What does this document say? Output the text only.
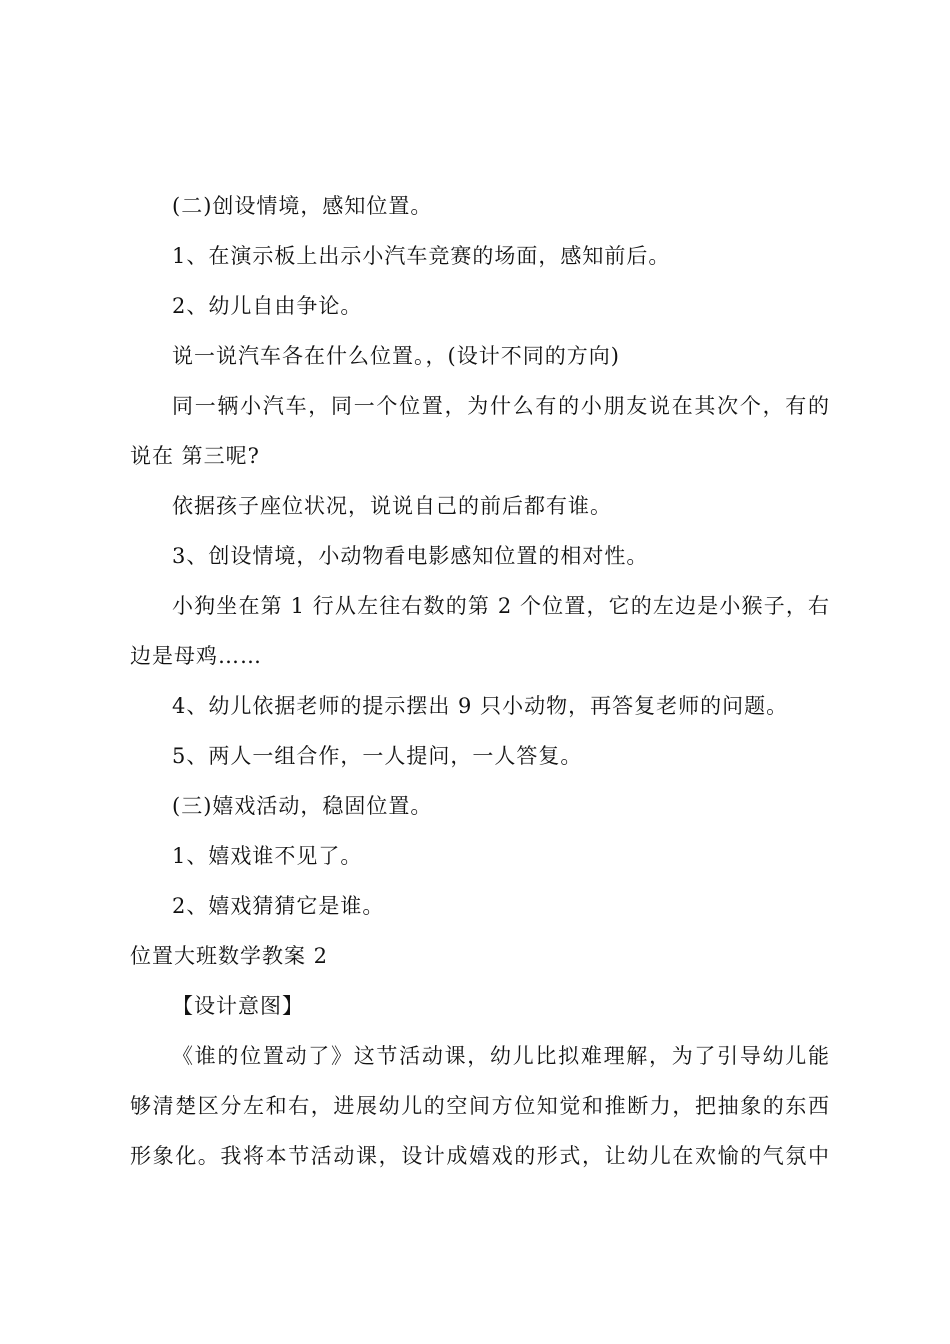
(二)创设情境，感知位置。

1、在演示板上出示小汽车竞赛的场面，感知前后。

2、幼儿自由争论。

说一说汽车各在什么位置。，(设计不同的方向)

同一辆小汽车，同一个位置，为什么有的小朋友说在其次个，有的

说在 第三呢?

依据孩子座位状况，说说自己的前后都有谁。

3、创设情境，小动物看电影感知位置的相对性。

小狗坐在第 1 行从左往右数的第 2 个位置，它的左边是小猴子，右

边是母鸡……

4、幼儿依据老师的提示摆出 9 只小动物，再答复老师的问题。

5、两人一组合作，一人提问，一人答复。

(三)嬉戏活动，稳固位置。

1、嬉戏谁不见了。

2、嬉戏猜猜它是谁。

位置大班数学教案 2

【设计意图】

《谁的位置动了》这节活动课，幼儿比拟难理解，为了引导幼儿能

够清楚区分左和右，进展幼儿的空间方位知觉和推断力，把抽象的东西

形象化。我将本节活动课，设计成嬉戏的形式，让幼儿在欢愉的气氛中
